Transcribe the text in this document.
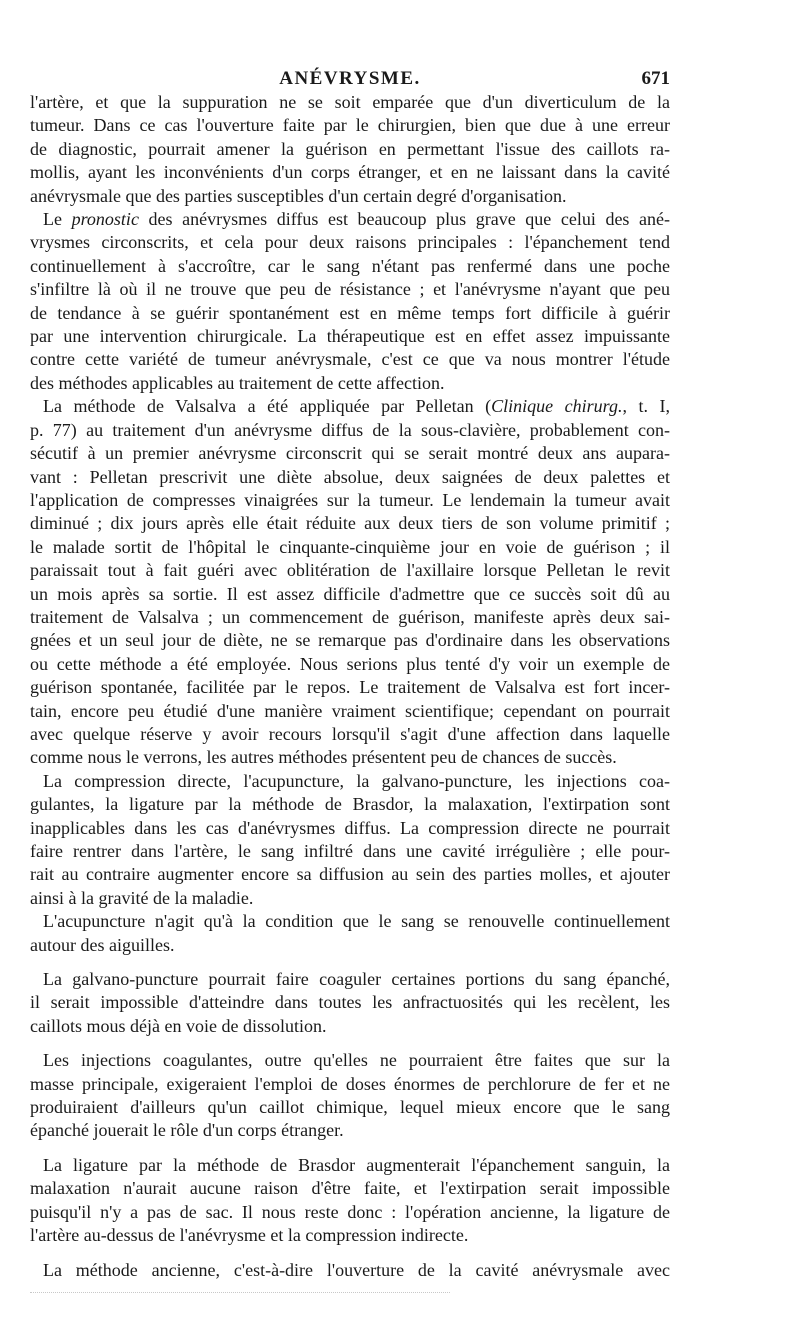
ANÉVRYSME.	671
l'artère, et que la suppuration ne se soit emparée que d'un diverticulum de la
tumeur. Dans ce cas l'ouverture faite par le chirurgien, bien que due à une erreur
de diagnostic, pourrait amener la guérison en permettant l'issue des caillots ra-
mollis, ayant les inconvénients d'un corps étranger, et en ne laissant dans la cavité
anévrysmale que des parties susceptibles d'un certain degré d'organisation.
Le pronostic des anévrysmes diffus est beaucoup plus grave que celui des ané-
vrysmes circonscrits, et cela pour deux raisons principales : l'épanchement tend
continuellement à s'accroître, car le sang n'étant pas renfermé dans une poche
s'infiltre là où il ne trouve que peu de résistance ; et l'anévrysme n'ayant que peu
de tendance à se guérir spontanément est en même temps fort difficile à guérir
par une intervention chirurgicale. La thérapeutique est en effet assez impuissante
contre cette variété de tumeur anévrysmale, c'est ce que va nous montrer l'étude
des méthodes applicables au traitement de cette affection.
La méthode de Valsalva a été appliquée par Pelletan (Clinique chirurg., t. I,
p. 77) au traitement d'un anévrysme diffus de la sous-clavière, probablement con-
sécutif à un premier anévrysme circonscrit qui se serait montré deux ans aupara-
vant : Pelletan prescrivit une diète absolue, deux saignées de deux palettes et
l'application de compresses vinaigrées sur la tumeur. Le lendemain la tumeur avait
diminué ; dix jours après elle était réduite aux deux tiers de son volume primitif ;
le malade sortit de l'hôpital le cinquante-cinquième jour en voie de guérison ; il
paraissait tout à fait guéri avec oblitération de l'axillaire lorsque Pelletan le revit
un mois après sa sortie. Il est assez difficile d'admettre que ce succès soit dû au
traitement de Valsalva ; un commencement de guérison, manifeste après deux sai-
gnées et un seul jour de diète, ne se remarque pas d'ordinaire dans les observations
ou cette méthode a été employée. Nous serions plus tenté d'y voir un exemple de
guérison spontanée, facilitée par le repos. Le traitement de Valsalva est fort incer-
tain, encore peu étudié d'une manière vraiment scientifique; cependant on pourrait
avec quelque réserve y avoir recours lorsqu'il s'agit d'une affection dans laquelle
comme nous le verrons, les autres méthodes présentent peu de chances de succès.
La compression directe, l'acupuncture, la galvano-puncture, les injections coa-
gulantes, la ligature par la méthode de Brasdor, la malaxation, l'extirpation sont
inapplicables dans les cas d'anévrysmes diffus. La compression directe ne pourrait
faire rentrer dans l'artère, le sang infiltré dans une cavité irrégulière ; elle pour-
rait au contraire augmenter encore sa diffusion au sein des parties molles, et ajouter
ainsi à la gravité de la maladie.
L'acupuncture n'agit qu'à la condition que le sang se renouvelle continuellement
autour des aiguilles.
La galvano-puncture pourrait faire coaguler certaines portions du sang épanché,
il serait impossible d'atteindre dans toutes les anfractuosités qui les recèlent, les
caillots mous déjà en voie de dissolution.
Les injections coagulantes, outre qu'elles ne pourraient être faites que sur la
masse principale, exigeraient l'emploi de doses énormes de perchlorure de fer et ne
produiraient d'ailleurs qu'un caillot chimique, lequel mieux encore que le sang
épanché jouerait le rôle d'un corps étranger.
La ligature par la méthode de Brasdor augmenterait l'épanchement sanguin, la
malaxation n'aurait aucune raison d'être faite, et l'extirpation serait impossible
puisqu'il n'y a pas de sac. Il nous reste donc : l'opération ancienne, la ligature de
l'artère au-dessus de l'anévrysme et la compression indirecte.
La méthode ancienne, c'est-à-dire l'ouverture de la cavité anévrysmale avec
